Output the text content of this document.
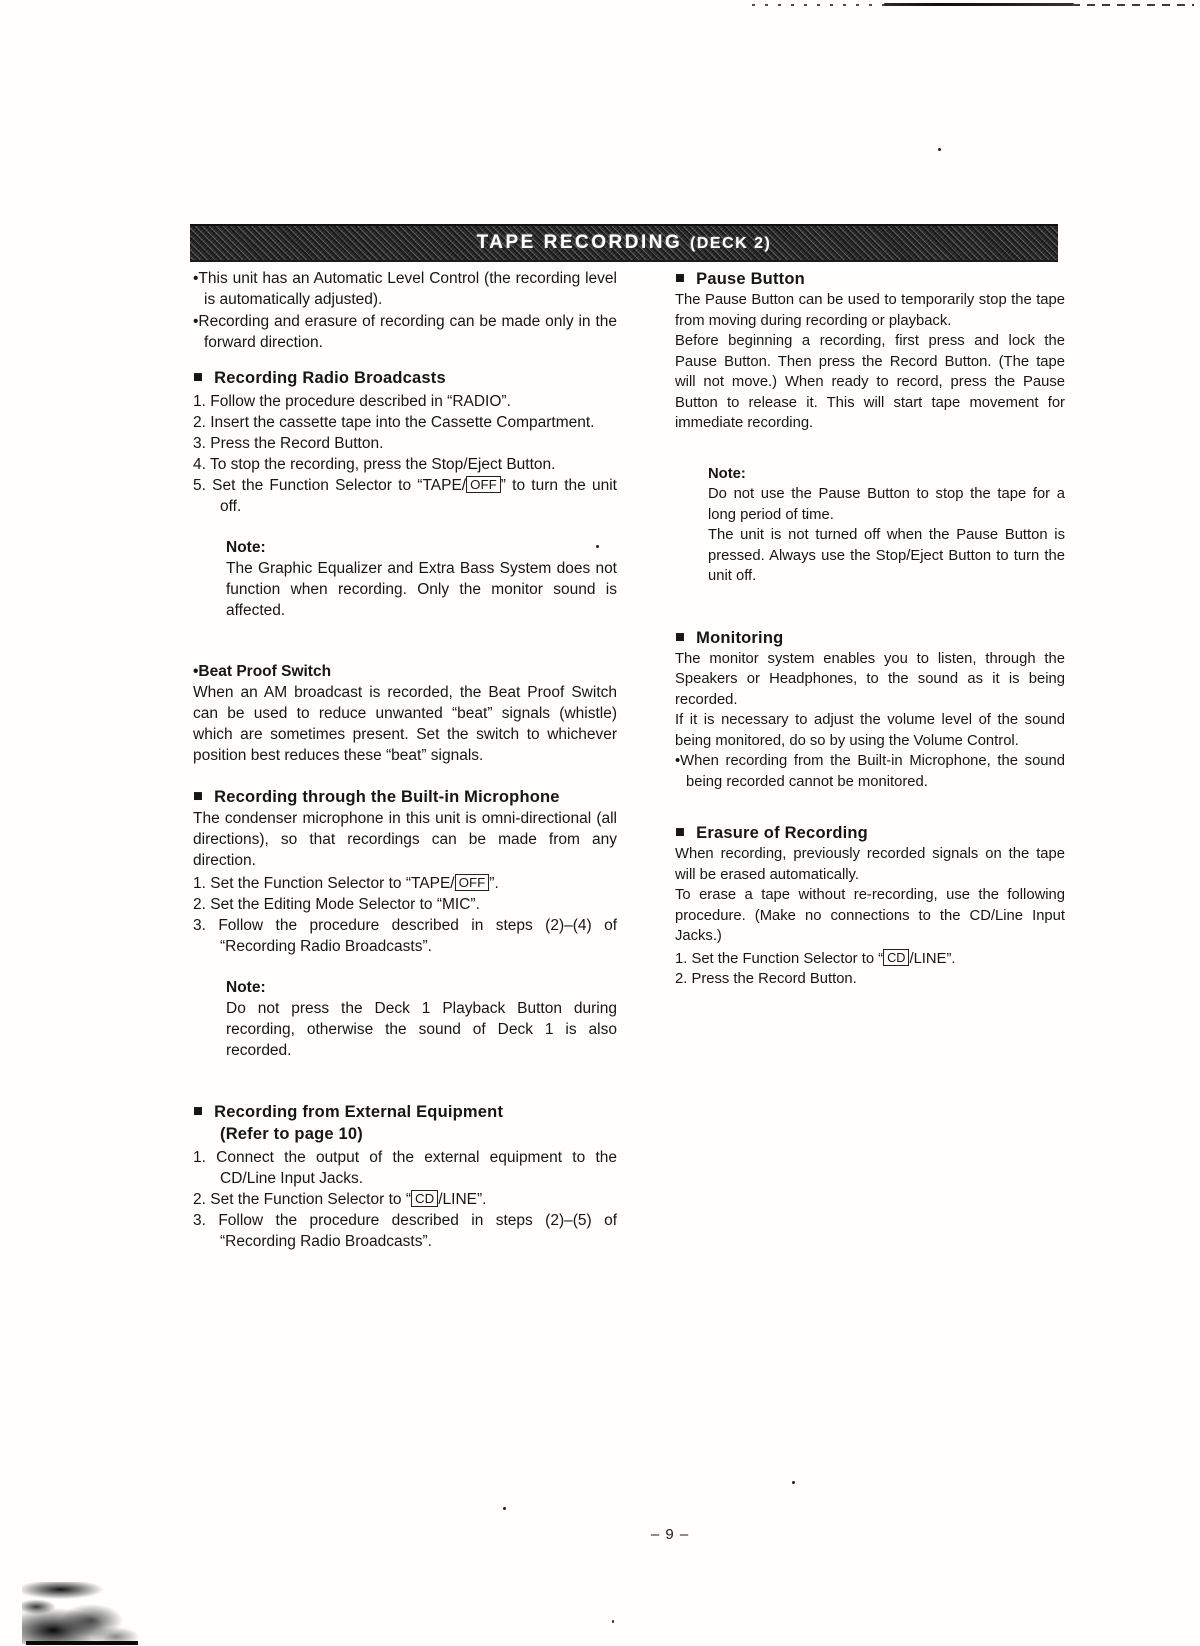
TAPE RECORDING (DECK 2)

•This unit has an Automatic Level Control (the recording level is automatically adjusted).

•Recording and erasure of recording can be made only in the forward direction.

■ Recording Radio Broadcasts
1. Follow the procedure described in “RADIO”.
2. Insert the cassette tape into the Cassette Compartment.
3. Press the Record Button.
4. To stop the recording, press the Stop/Eject Button.
5. Set the Function Selector to “TAPE/ OFF ” to turn the unit off.

Note:

The Graphic Equalizer and Extra Bass System does not function when recording. Only the monitor sound is affected.

•Beat Proof Switch

When an AM broadcast is recorded, the Beat Proof Switch can be used to reduce unwanted “beat” signals (whistle) which are sometimes present. Set the switch to whichever position best reduces these “beat” signals.

■ Recording through the Built-in Microphone

The condenser microphone in this unit is omni-directional (all directions), so that recordings can be made from any direction.

1. Set the Function Selector to “TAPE/ OFF ”.
2. Set the Editing Mode Selector to “MIC”.
3. Follow the procedure described in steps (2)–(4) of “Recording Radio Broadcasts”.

Note:

Do not press the Deck 1 Playback Button during recording, otherwise the sound of Deck 1 is also recorded.

■ Recording from External Equipment
(Refer to page 10)
1. Connect the output of the external equipment to the CD/Line Input Jacks.
2. Set the Function Selector to “ CD /LINE”.
3. Follow the procedure described in steps (2)–(5) of “Recording Radio Broadcasts”.
■ Pause Button

The Pause Button can be used to temporarily stop the tape from moving during recording or playback.

Before beginning a recording, first press and lock the Pause Button. Then press the Record Button. (The tape will not move.) When ready to record, press the Pause Button to release it. This will start tape movement for immediate recording.

Note:

Do not use the Pause Button to stop the tape for a long period of time.

The unit is not turned off when the Pause Button is pressed. Always use the Stop/Eject Button to turn the unit off.

■ Monitoring

The monitor system enables you to listen, through the Speakers or Headphones, to the sound as it is being recorded.

If it is necessary to adjust the volume level of the sound being monitored, do so by using the Volume Control.

•When recording from the Built-in Microphone, the sound being recorded cannot be monitored.

■ Erasure of Recording

When recording, previously recorded signals on the tape will be erased automatically.

To erase a tape without re-recording, use the following procedure. (Make no connections to the CD/Line Input Jacks.)

1. Set the Function Selector to “ CD /LINE”.
2. Press the Record Button.
– 9 –
